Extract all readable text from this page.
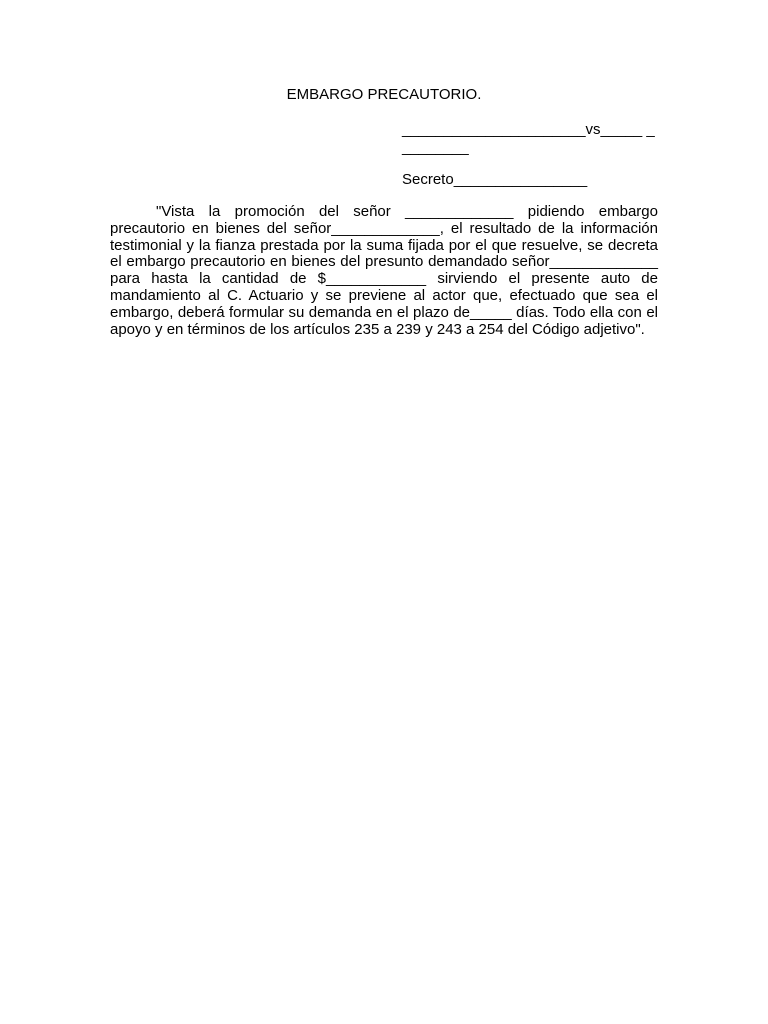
EMBARGO PRECAUTORIO.
______________________vs_____ _________
Secreto________________

"Vista la promoción del señor _____________ pidiendo embargo precautorio en bienes del señor_____________, el resultado de la información testimonial y la fianza prestada por la suma fijada por el que resuelve, se decreta el embargo precautorio en bienes del presunto demandado señor_____________ para hasta la cantidad de $____________ sirviendo el presente auto de mandamiento al C. Actuario y se previene al actor que, efectuado que sea el embargo, deberá formular su demanda en el plazo de_____ días. Todo ella con el apoyo y en términos de los artículos 235 a 239 y 243 a 254 del Código adjetivo".
